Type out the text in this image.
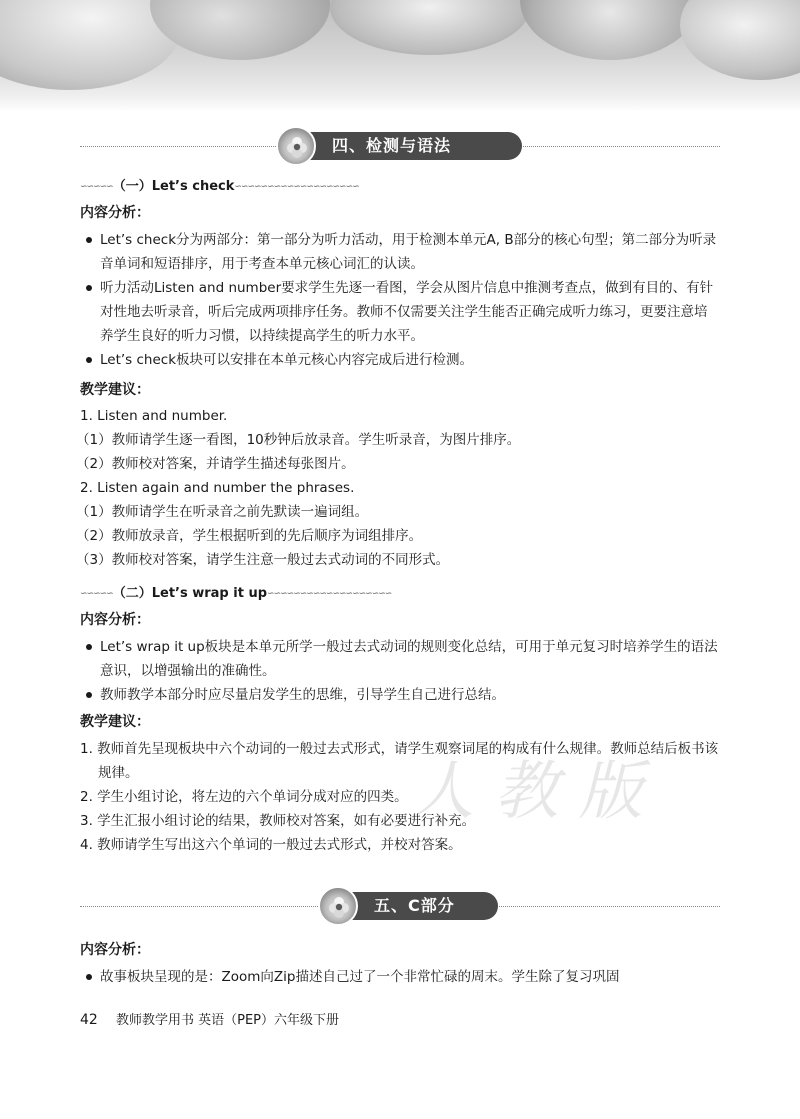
四、检测与语法
∽∽∽∽∽ （一）Let’s check ∽∽∽∽∽∽∽∽∽∽∽∽∽∽∽∽∽∽∽
内容分析：
Let’s check分为两部分：第一部分为听力活动，用于检测本单元A, B部分的核心句型；第二部分为听录音单词和短语排序，用于考查本单元核心词汇的认读。
听力活动Listen and number要求学生先逐一看图，学会从图片信息中推测考查点，做到有目的、有针对性地去听录音，听后完成两项排序任务。教师不仅需要关注学生能否正确完成听力练习，更要注意培养学生良好的听力习惯，以持续提高学生的听力水平。
Let’s check板块可以安排在本单元核心内容完成后进行检测。
教学建议：
1. Listen and number.
（1）教师请学生逐一看图，10秒钟后放录音。学生听录音，为图片排序。
（2）教师校对答案，并请学生描述每张图片。
2. Listen again and number the phrases.
（1）教师请学生在听录音之前先默读一遍词组。
（2）教师放录音，学生根据听到的先后顺序为词组排序。
（3）教师校对答案，请学生注意一般过去式动词的不同形式。
∽∽∽∽∽ （二）Let’s wrap it up ∽∽∽∽∽∽∽∽∽∽∽∽∽∽∽∽∽∽∽
内容分析：
Let’s wrap it up板块是本单元所学一般过去式动词的规则变化总结，可用于单元复习时培养学生的语法意识，以增强输出的准确性。
教师教学本部分时应尽量启发学生的思维，引导学生自己进行总结。
教学建议：
人 教 版
1. 教师首先呈现板块中六个动词的一般过去式形式，请学生观察词尾的构成有什么规律。教师总结后板书该规律。
2. 学生小组讨论，将左边的六个单词分成对应的四类。
3. 学生汇报小组讨论的结果，教师校对答案，如有必要进行补充。
4. 教师请学生写出这六个单词的一般过去式形式，并校对答案。
五、C部分
内容分析：
故事板块呈现的是：Zoom向Zip描述自己过了一个非常忙碌的周末。学生除了复习巩固
42 教师教学用书 英语（PEP）六年级下册
